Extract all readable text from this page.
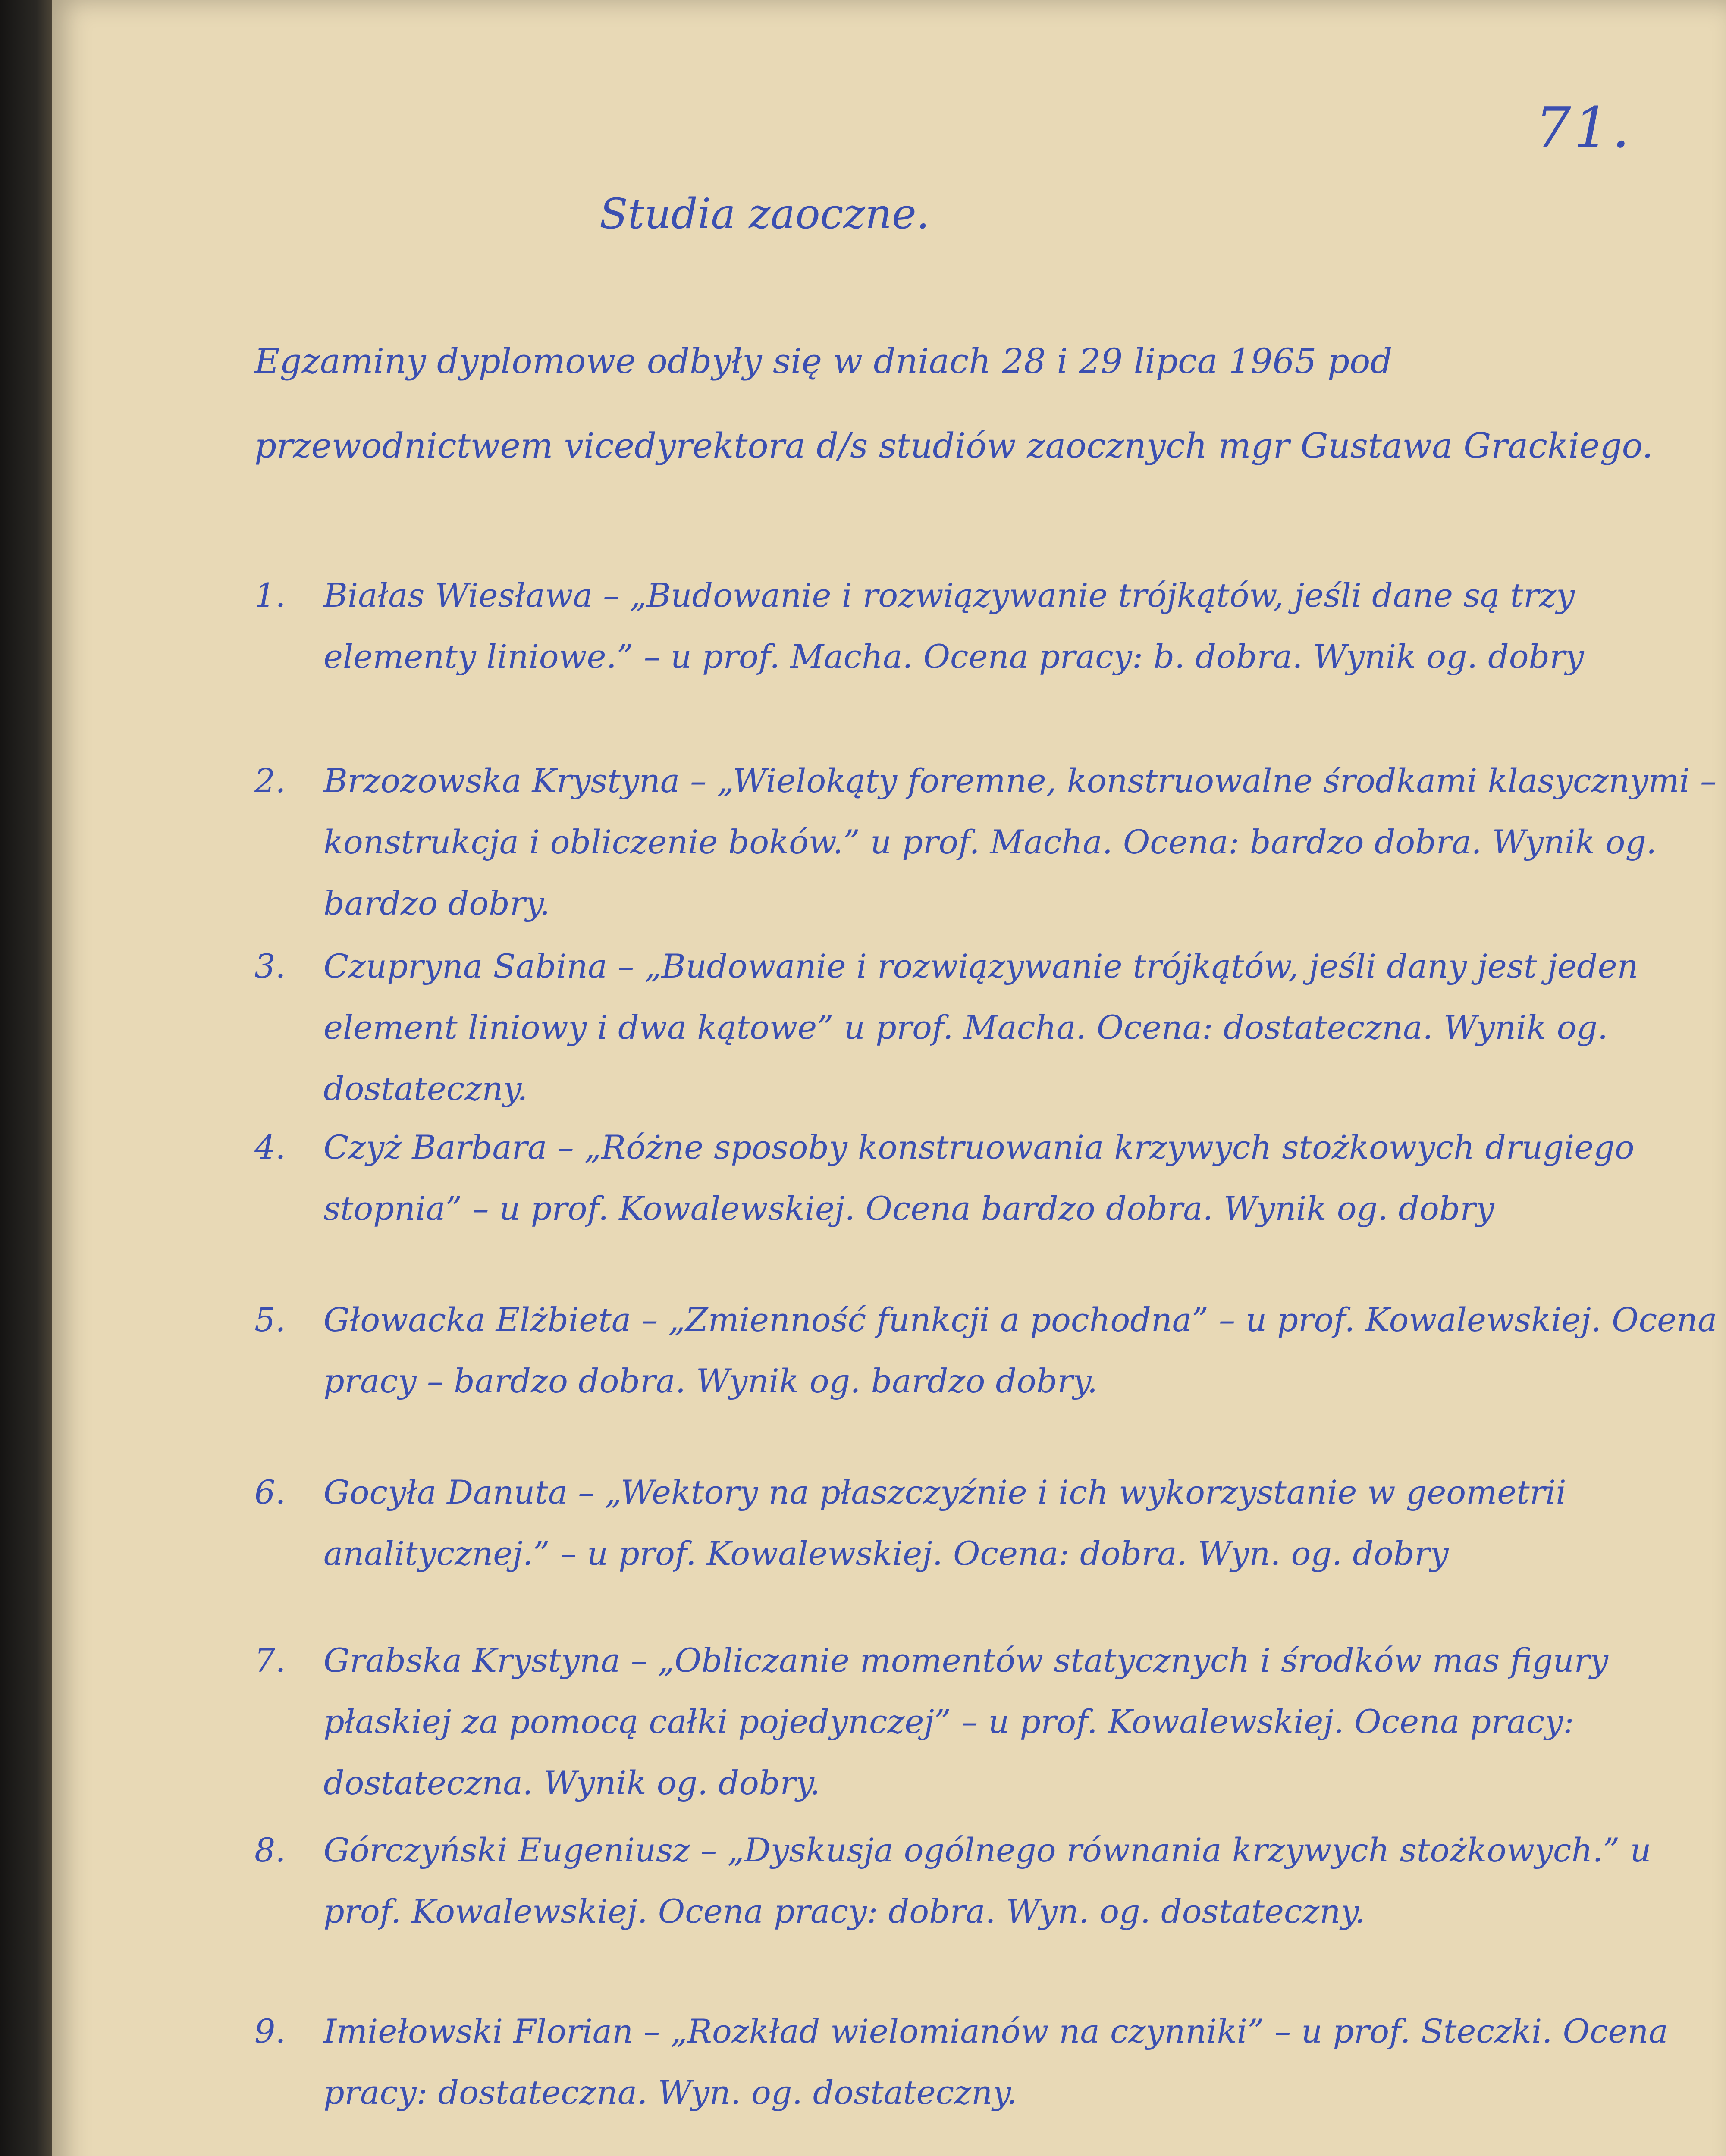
71.
Studia zaoczne.
Egzaminy dyplomowe odbyły się w dniach 28 i 29 lipca 1965 pod przewodnictwem vicedyrektora d/s studiów zaocznych mgr Gustawa Grackiego.
1. Białas Wiesława – „Budowanie i rozwiązywanie trójkątów, jeśli dane są trzy elementy liniowe.” – u prof. Macha. Ocena pracy: b. dobra. Wynik og. dobry
2. Brzozowska Krystyna – „Wielokąty foremne, konstruowalne środkami klasycznymi – konstrukcja i obliczenie boków.” u prof. Macha. Ocena: bardzo dobra. Wynik og. bardzo dobry.
3. Czupryna Sabina – „Budowanie i rozwiązywanie trójkątów, jeśli dany jest jeden element liniowy i dwa kątowe” u prof. Macha. Ocena: dostateczna. Wynik og. dostateczny.
4. Czyż Barbara – „Różne sposoby konstruowania krzywych stożkowych drugiego stopnia” – u prof. Kowalewskiej. Ocena bardzo dobra. Wynik og. dobry
5. Głowacka Elżbieta – „Zmienność funkcji a pochodna” – u prof. Kowalewskiej. Ocena pracy – bardzo dobra. Wynik og. bardzo dobry.
6. Gocyła Danuta – „Wektory na płaszczyźnie i ich wykorzystanie w geometrii analitycznej.” – u prof. Kowalewskiej. Ocena: dobra. Wyn. og. dobry
7. Grabska Krystyna – „Obliczanie momentów statycznych i środków mas figury płaskiej za pomocą całki pojedynczej” – u prof. Kowalewskiej. Ocena pracy: dostateczna. Wynik og. dobry.
8. Górczyński Eugeniusz – „Dyskusja ogólnego równania krzywych stożkowych.” u prof. Kowalewskiej. Ocena pracy: dobra. Wyn. og. dostateczny.
9. Imiełowski Florian – „Rozkład wielomianów na czynniki” – u prof. Steczki. Ocena pracy: dostateczna. Wyn. og. dostateczny.
